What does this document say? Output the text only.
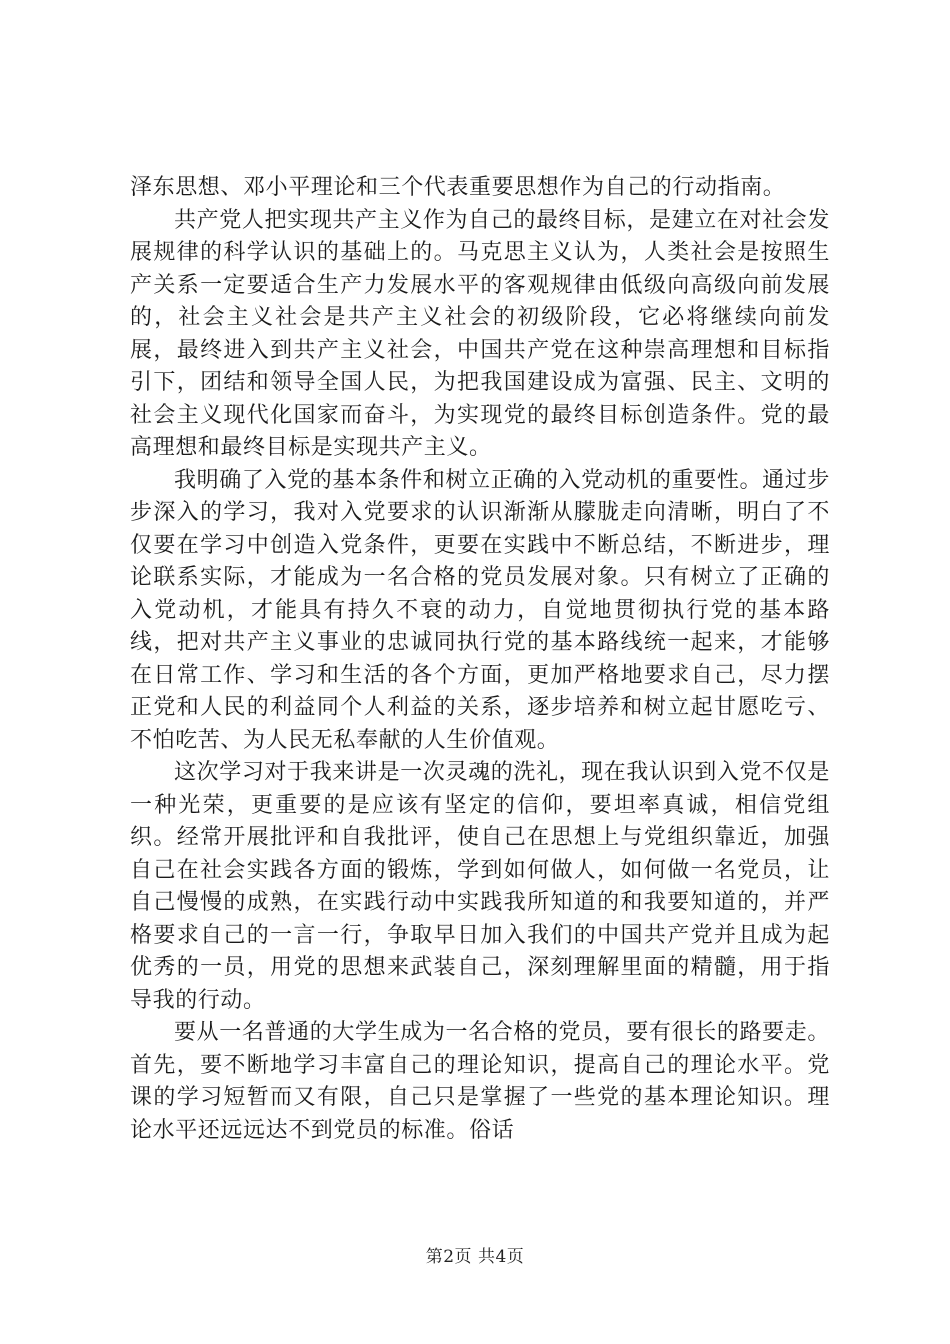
泽东思想、邓小平理论和三个代表重要思想作为自己的行动指南。

共产党人把实现共产主义作为自己的最终目标，是建立在对社会发展规律的科学认识的基础上的。马克思主义认为，人类社会是按照生产关系一定要适合生产力发展水平的客观规律由低级向高级向前发展的，社会主义社会是共产主义社会的初级阶段，它必将继续向前发展，最终进入到共产主义社会，中国共产党在这种崇高理想和目标指引下，团结和领导全国人民，为把我国建设成为富强、民主、文明的社会主义现代化国家而奋斗，为实现党的最终目标创造条件。党的最高理想和最终目标是实现共产主义。

我明确了入党的基本条件和树立正确的入党动机的重要性。通过步步深入的学习，我对入党要求的认识渐渐从朦胧走向清晰，明白了不仅要在学习中创造入党条件，更要在实践中不断总结，不断进步，理论联系实际，才能成为一名合格的党员发展对象。只有树立了正确的入党动机，才能具有持久不衰的动力，自觉地贯彻执行党的基本路线，把对共产主义事业的忠诚同执行党的基本路线统一起来，才能够在日常工作、学习和生活的各个方面，更加严格地要求自己，尽力摆正党和人民的利益同个人利益的关系，逐步培养和树立起甘愿吃亏、不怕吃苦、为人民无私奉献的人生价值观。

这次学习对于我来讲是一次灵魂的洗礼，现在我认识到入党不仅是一种光荣，更重要的是应该有坚定的信仰，要坦率真诚，相信党组织。经常开展批评和自我批评，使自己在思想上与党组织靠近，加强自己在社会实践各方面的锻炼，学到如何做人，如何做一名党员，让自己慢慢的成熟，在实践行动中实践我所知道的和我要知道的，并严格要求自己的一言一行，争取早日加入我们的中国共产党并且成为起优秀的一员，用党的思想来武装自己，深刻理解里面的精髓，用于指导我的行动。

要从一名普通的大学生成为一名合格的党员，要有很长的路要走。首先，要不断地学习丰富自己的理论知识，提高自己的理论水平。党课的学习短暂而又有限，自己只是掌握了一些党的基本理论知识。理论水平还远远达不到党员的标准。俗话

第2页 共4页
